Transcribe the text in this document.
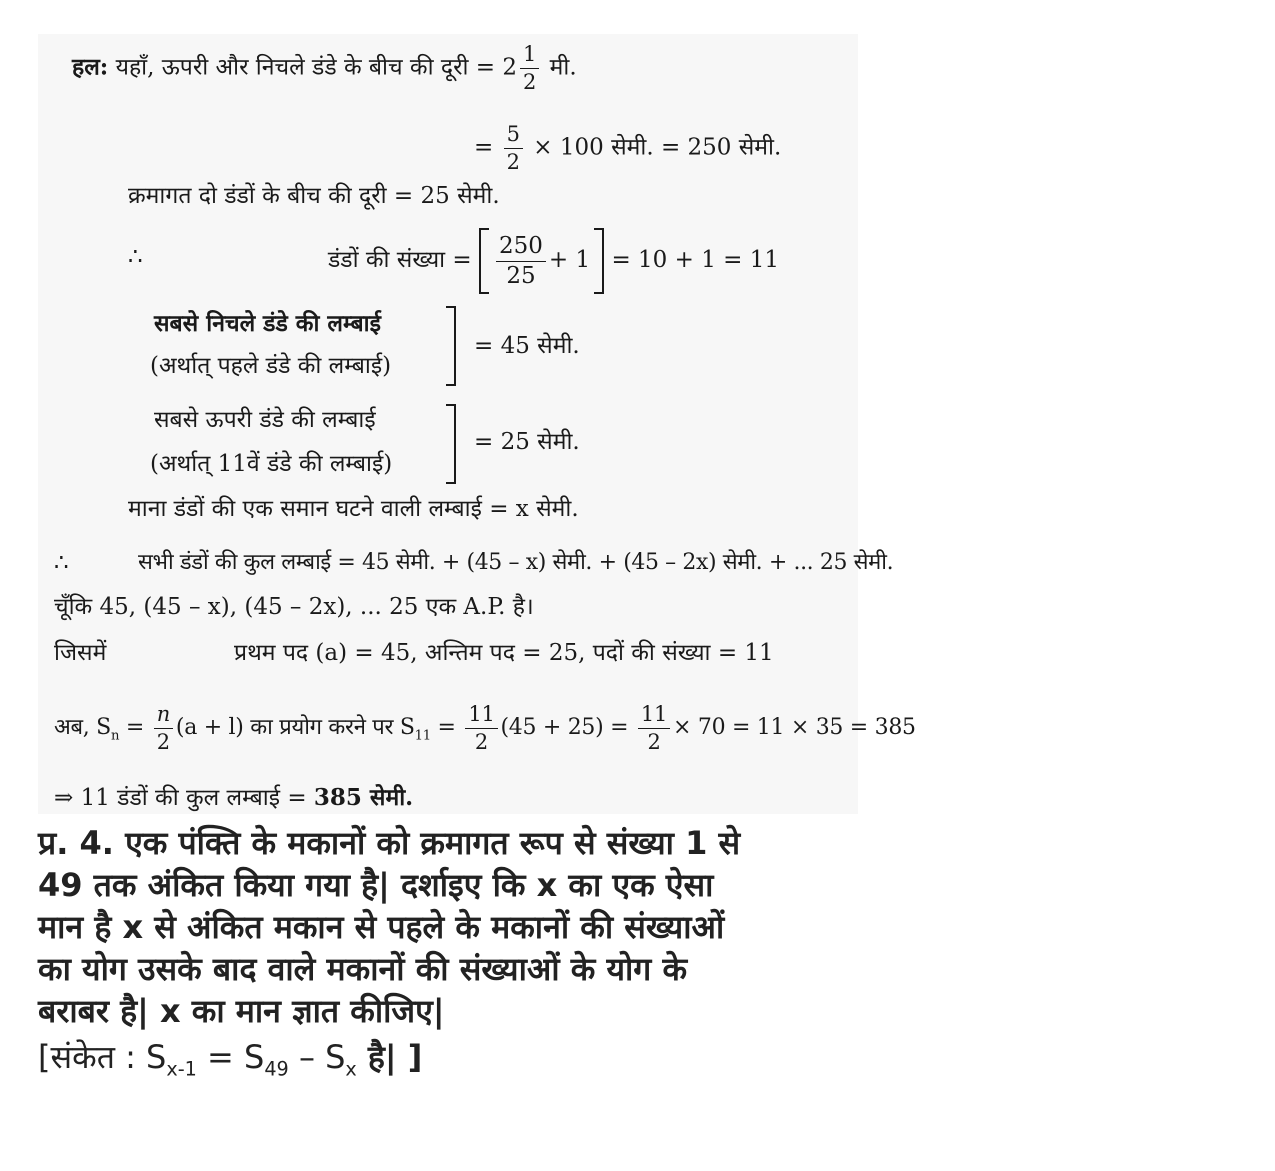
हल: यहाँ, ऊपरी और निचले डंडे के बीच की दूरी = $2 \frac{1}{2}$ मी.
= $\frac{5}{2} \times 100$ सेमी. = 250 सेमी.
क्रमागत दो डंडों के बीच की दूरी = 25 सेमी.
∴	डंडों की संख्या = $\frac{250}{25} + 1 = 10 + 1 = 11$
सबसे निचले डंडे की लम्बाई
(अर्थात् पहले डंडे की लम्बाई)
= 45 सेमी.
सबसे ऊपरी डंडे की लम्बाई
(अर्थात् 11वें डंडे की लम्बाई)
= 25 सेमी.
माना डंडों की एक समान घटने वाली लम्बाई = x सेमी.
∴	सभी डंडों की कुल लम्बाई = 45 सेमी. + (45 – x) सेमी. + (45 – 2x) सेमी. + ... 25 सेमी.
चूँकि 45, (45 – x), (45 – 2x), ... 25 एक A.P. है।
जिसमें	प्रथम पद (a) = 45, अन्तिम पद = 25, पदों की संख्या = 11
अब, $S_n = \frac{n}{2} (a + l)$ का प्रयोग करने पर $S_{11} = \frac{11}{2} (45 + 25) = \frac{11}{2} \times 70 = 11 \times 35 = 385$
⇒ 11 डंडों की कुल लम्बाई = 385 सेमी.
प्र. 4. एक पंक्ति के मकानों को क्रमागत रूप से संख्या 1 से
49 तक अंकित किया गया है| दर्शाइए कि x का एक ऐसा
मान है x से अंकित मकान से पहले के मकानों की संख्याओं
का योग उसके बाद वाले मकानों की संख्याओं के योग के
बराबर है| x का मान ज्ञात कीजिए|
[संकेत : $S_{x-1} = S_{49} - S_x$ है| ]
